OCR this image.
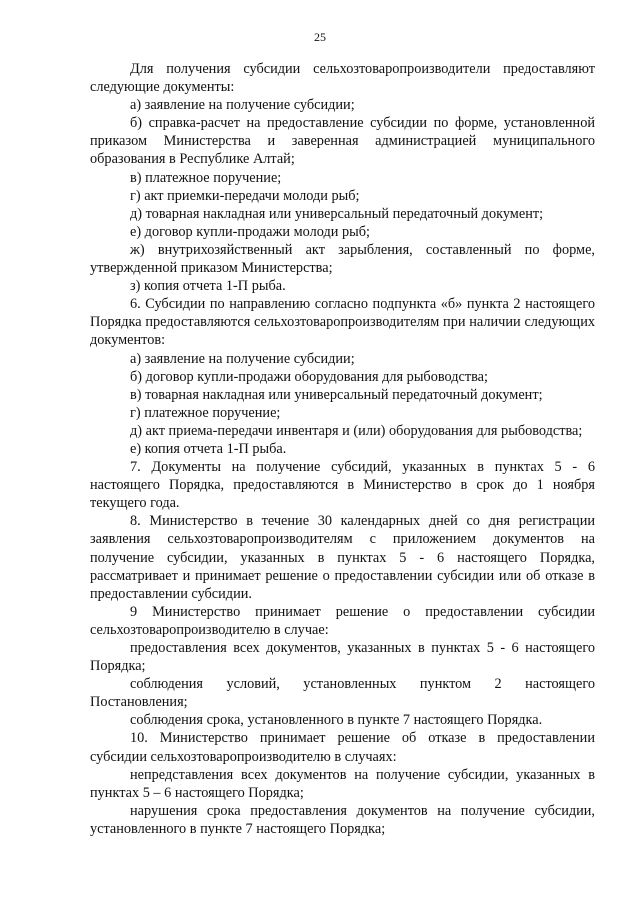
25

Для получения субсидии сельхозтоваропроизводители предоставляют следующие документы:

а) заявление на получение субсидии;

б) справка-расчет на предоставление субсидии по форме, установленной приказом Министерства и заверенная администрацией муниципального образования в Республике Алтай;

в) платежное поручение;

г) акт приемки-передачи молоди рыб;

д) товарная накладная или универсальный передаточный документ;

е) договор купли-продажи молоди рыб;

ж) внутрихозяйственный акт зарыбления, составленный по форме, утвержденной приказом Министерства;

з) копия отчета 1-П рыба.

6. Субсидии по направлению согласно подпункта «б» пункта 2 настоящего Порядка предоставляются сельхозтоваропроизводителям при наличии следующих документов:

а) заявление на получение субсидии;

б) договор купли-продажи оборудования для рыбоводства;

в) товарная накладная или универсальный передаточный документ;

г) платежное поручение;

д) акт приема-передачи инвентаря и (или) оборудования для рыбоводства;

е) копия отчета 1-П рыба.

7. Документы на получение субсидий, указанных в пунктах 5 - 6 настоящего Порядка, предоставляются в Министерство в срок до 1 ноября текущего года.

8. Министерство в течение 30 календарных дней со дня регистрации заявления сельхозтоваропроизводителям с приложением документов на получение субсидии, указанных в пунктах 5 - 6 настоящего Порядка, рассматривает и принимает решение о предоставлении субсидии или об отказе в предоставлении субсидии.

9 Министерство принимает решение о предоставлении субсидии сельхозтоваропроизводителю в случае:

предоставления всех документов, указанных в пунктах 5 - 6 настоящего Порядка;

соблюдения условий, установленных пунктом 2 настоящего Постановления;

соблюдения срока, установленного в пункте 7 настоящего Порядка.

10. Министерство принимает решение об отказе в предоставлении субсидии сельхозтоваропроизводителю в случаях:

непредставления всех документов на получение субсидии, указанных в пунктах 5 – 6 настоящего Порядка;

нарушения срока предоставления документов на получение субсидии, установленного в пункте 7 настоящего Порядка;
